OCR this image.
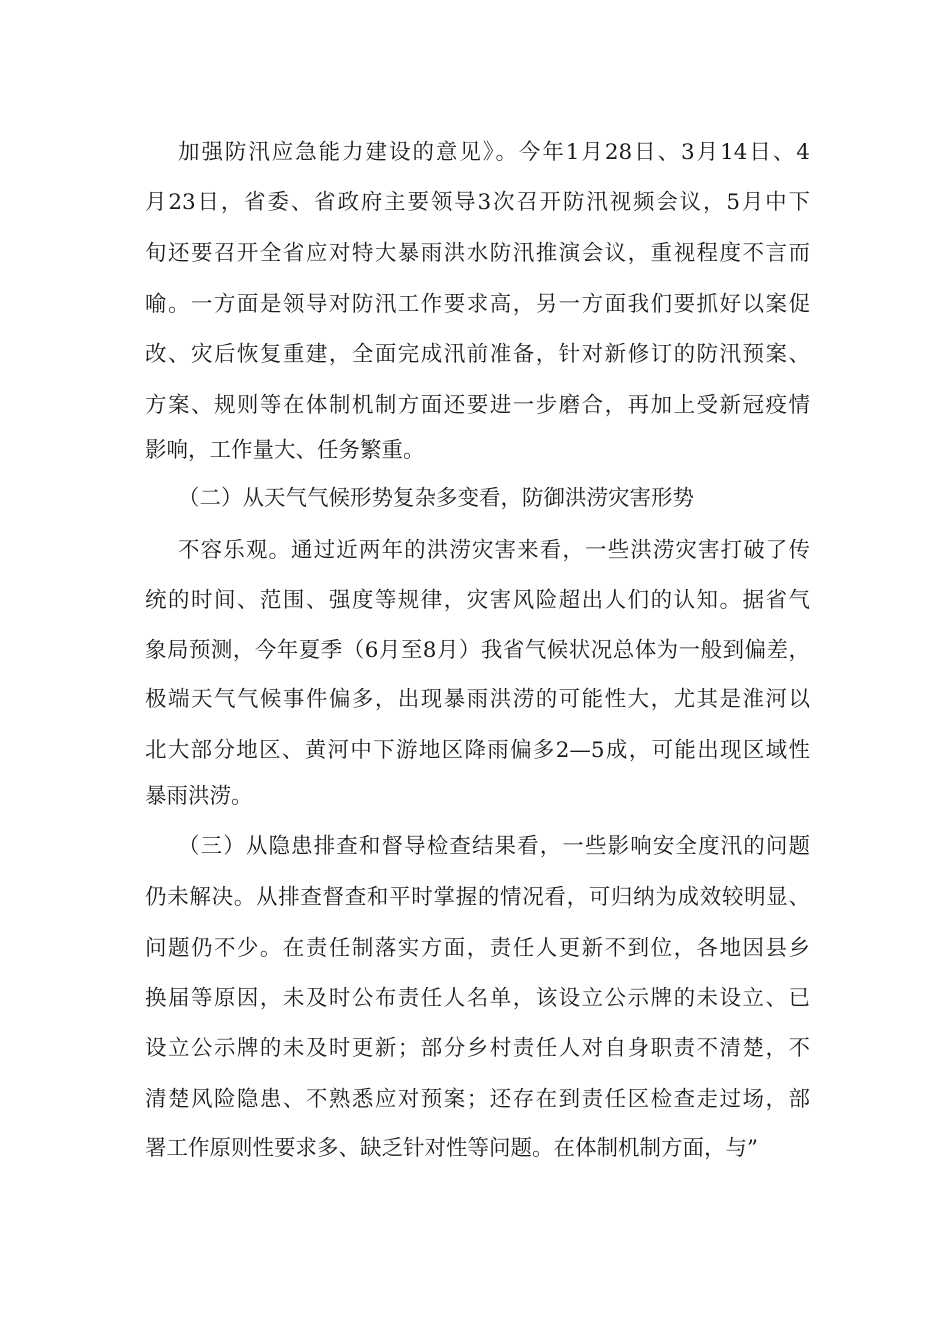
加强防汛应急能力建设的意见》。今年1月28日、3月14日、4
月23日，省委、省政府主要领导3次召开防汛视频会议，5月中下
旬还要召开全省应对特大暴雨洪水防汛推演会议，重视程度不言而
喻。一方面是领导对防汛工作要求高，另一方面我们要抓好以案促
改、灾后恢复重建，全面完成汛前准备，针对新修订的防汛预案、
方案、规则等在体制机制方面还要进一步磨合，再加上受新冠疫情
影响，工作量大、任务繁重。
（二）从天气气候形势复杂多变看，防御洪涝灾害形势
不容乐观。通过近两年的洪涝灾害来看，一些洪涝灾害打破了传
统的时间、范围、强度等规律，灾害风险超出人们的认知。据省气
象局预测，今年夏季（6月至8月）我省气候状况总体为一般到偏差，
极端天气气候事件偏多，出现暴雨洪涝的可能性大，尤其是淮河以
北大部分地区、黄河中下游地区降雨偏多2—5成，可能出现区域性
暴雨洪涝。
（三）从隐患排查和督导检查结果看，一些影响安全度汛的问题
仍未解决。从排查督查和平时掌握的情况看，可归纳为成效较明显、
问题仍不少。在责任制落实方面，责任人更新不到位，各地因县乡
换届等原因，未及时公布责任人名单，该设立公示牌的未设立、已
设立公示牌的未及时更新；部分乡村责任人对自身职责不清楚，不
清楚风险隐患、不熟悉应对预案；还存在到责任区检查走过场，部
署工作原则性要求多、缺乏针对性等问题。在体制机制方面，与”
